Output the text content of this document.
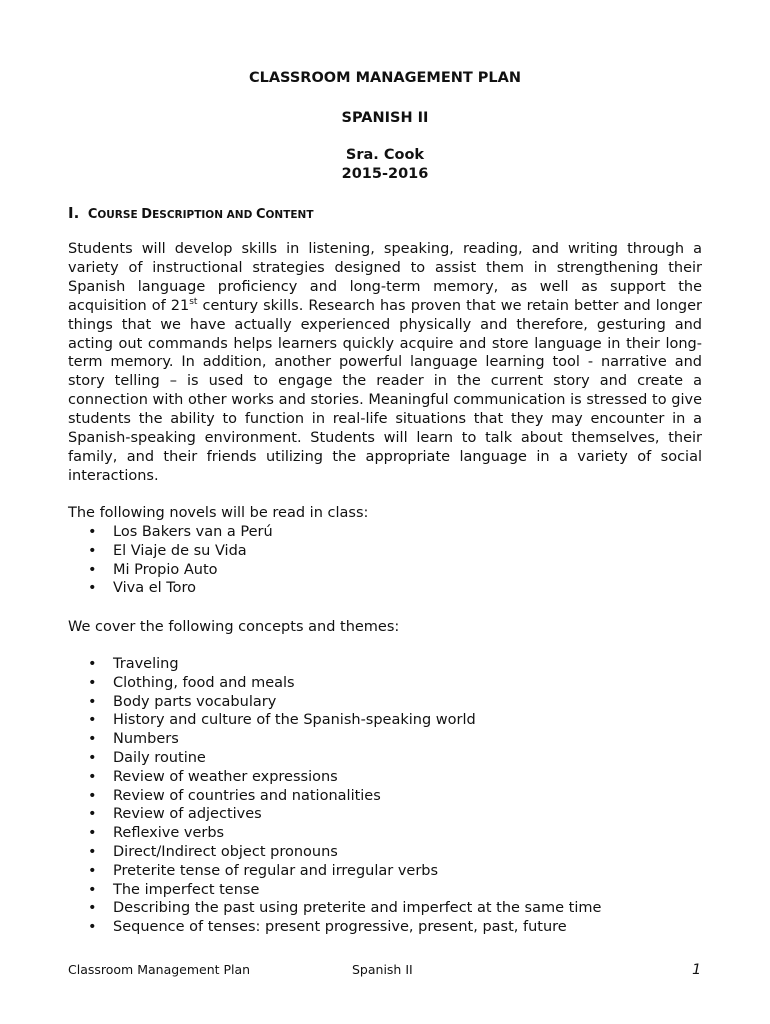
CLASSROOM MANAGEMENT PLAN
SPANISH II
Sra. Cook
2015-2016
I. COURSE DESCRIPTION AND CONTENT

Students will develop skills in listening, speaking, reading, and writing through a variety of instructional strategies designed to assist them in strengthening their Spanish language proficiency and long-term memory, as well as support the acquisition of 21st century skills. Research has proven that we retain better and longer things that we have actually experienced physically and therefore, gesturing and acting out commands helps learners quickly acquire and store language in their long-term memory. In addition, another powerful language learning tool - narrative and story telling – is used to engage the reader in the current story and create a connection with other works and stories. Meaningful communication is stressed to give students the ability to function in real-life situations that they may encounter in a Spanish-speaking environment. Students will learn to talk about themselves, their family, and their friends utilizing the appropriate language in a variety of social interactions.

The following novels will be read in class:

• Los Bakers van a Perú
• El Viaje de su Vida
• Mi Propio Auto
• Viva el Toro

We cover the following concepts and themes:

• Traveling
• Clothing, food and meals
• Body parts vocabulary
• History and culture of the Spanish-speaking world
• Numbers
• Daily routine
• Review of weather expressions
• Review of countries and nationalities
• Review of adjectives
• Reflexive verbs
• Direct/Indirect object pronouns
• Preterite tense of regular and irregular verbs
• The imperfect tense
• Describing the past using preterite and imperfect at the same time
• Sequence of tenses: present progressive, present, past, future
Classroom Management Plan	Spanish II	1
